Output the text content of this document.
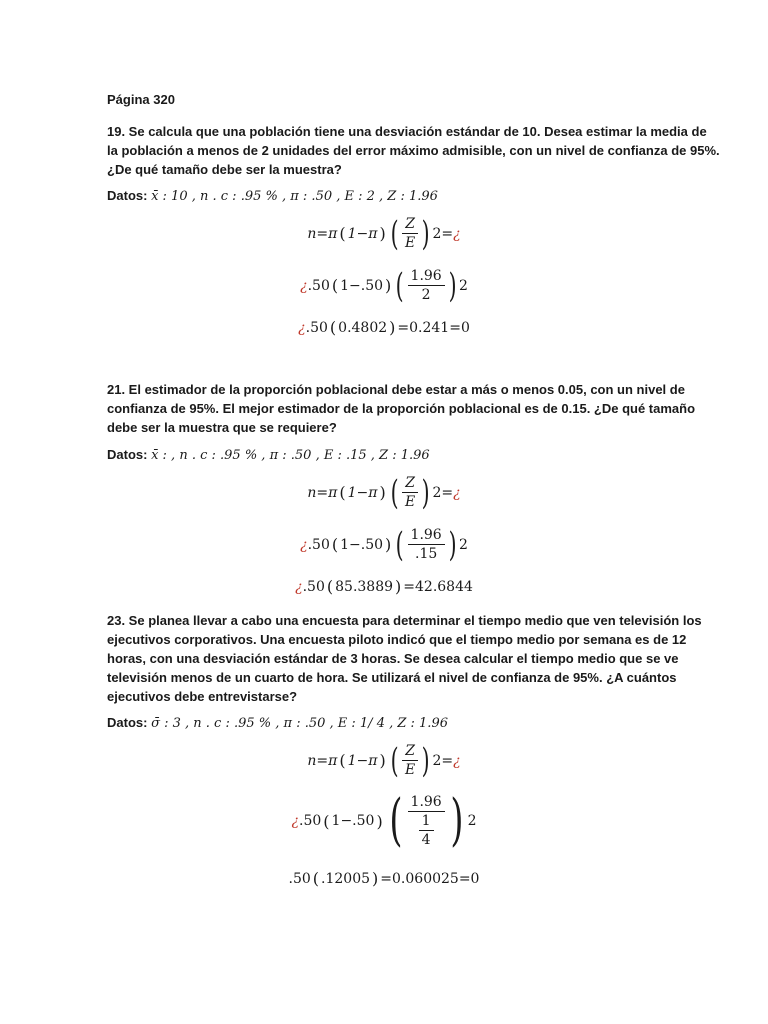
Página 320
19. Se calcula que una población tiene una desviación estándar de 10. Desea estimar la media de
la población a menos de 2 unidades del error máximo admisible, con un nivel de confianza de 95%.
¿De qué tamaño debe ser la muestra?
Datos: x̄ : 10 , n . c : .95 % , π : .50 , E : 2 , Z : 1.96
n=π ( 1−π ) ( $\frac{Z}{E}$ ) 2= ¿
¿ .50 ( 1−.50 ) ( $\frac{1.96}{2}$ ) 2
¿ .50 ( 0.4802 ) =0.241=0
21. El estimador de la proporción poblacional debe estar a más o menos 0.05, con un nivel de
confianza de 95%. El mejor estimador de la proporción poblacional es de 0.15. ¿De qué tamaño
debe ser la muestra que se requiere?
Datos: x̄ : , n . c : .95 % , π : .50 , E : .15 , Z : 1.96
n=π ( 1−π ) ( $\frac{Z}{E}$ ) 2= ¿
¿ .50 ( 1−.50 ) ( $\frac{1.96}{.15}$ ) 2
¿ .50 ( 85.3889 ) =42.6844
23. Se planea llevar a cabo una encuesta para determinar el tiempo medio que ven televisión los
ejecutivos corporativos. Una encuesta piloto indicó que el tiempo medio por semana es de 12
horas, con una desviación estándar de 3 horas. Se desea calcular el tiempo medio que se ve
televisión menos de un cuarto de hora. Se utilizará el nivel de confianza de 95%. ¿A cuántos
ejecutivos debe entrevistarse?
Datos: σ̄ : 3 , n . c : .95 % , π : .50 , E : 1/ 4 , Z : 1.96
n=π ( 1−π ) ( $\frac{Z}{E}$ ) 2= ¿
¿ .50 ( 1−.50 ) ( $\frac{1.96}{\frac{1}{4}}$ ) 2
.50 ( .12005 ) =0.060025=0
